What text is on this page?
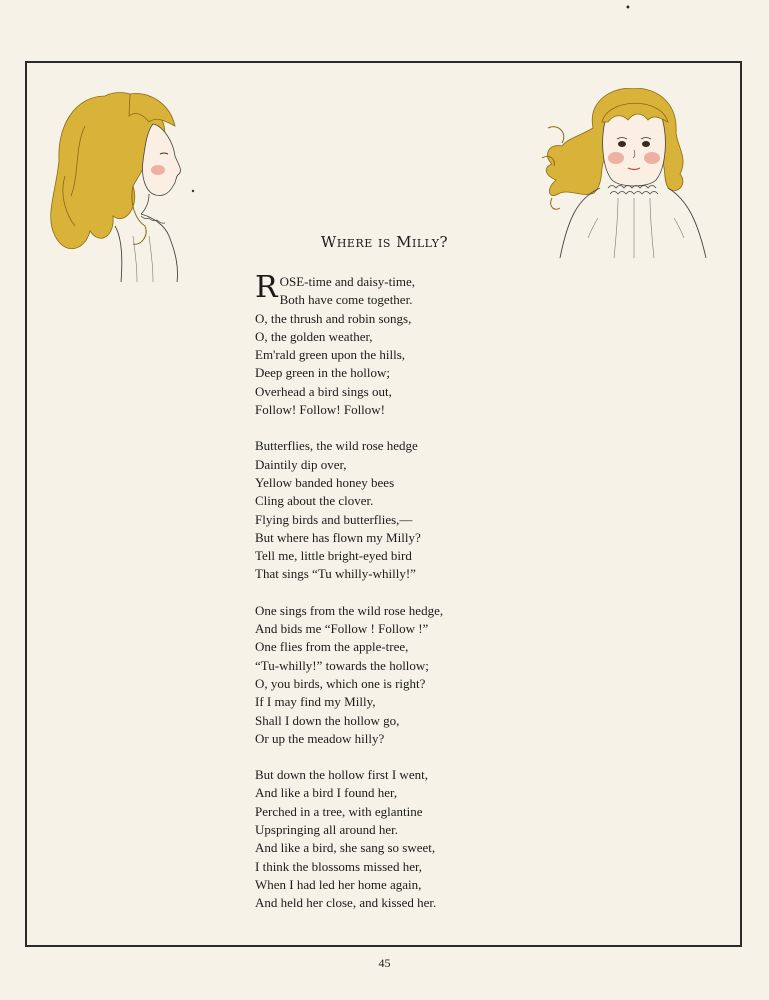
•
Where is Milly?
R OSE-time and daisy-time,
Both have come together.
O, the thrush and robin songs,
O, the golden weather,
Em'rald green upon the hills,
Deep green in the hollow;
Overhead a bird sings out,
Follow! Follow! Follow!
Butterflies, the wild rose hedge
Daintily dip over,
Yellow banded honey bees
Cling about the clover.
Flying birds and butterflies,—
But where has flown my Milly?
Tell me, little bright-eyed bird
That sings “Tu whilly-whilly!”
One sings from the wild rose hedge,
And bids me “Follow ! Follow !”
One flies from the apple-tree,
“Tu-whilly!” towards the hollow;
O, you birds, which one is right?
If I may find my Milly,
Shall I down the hollow go,
Or up the meadow hilly?
But down the hollow first I went,
And like a bird I found her,
Perched in a tree, with eglantine
Upspringing all around her.
And like a bird, she sang so sweet,
I think the blossoms missed her,
When I had led her home again,
And held her close, and kissed her.
45
